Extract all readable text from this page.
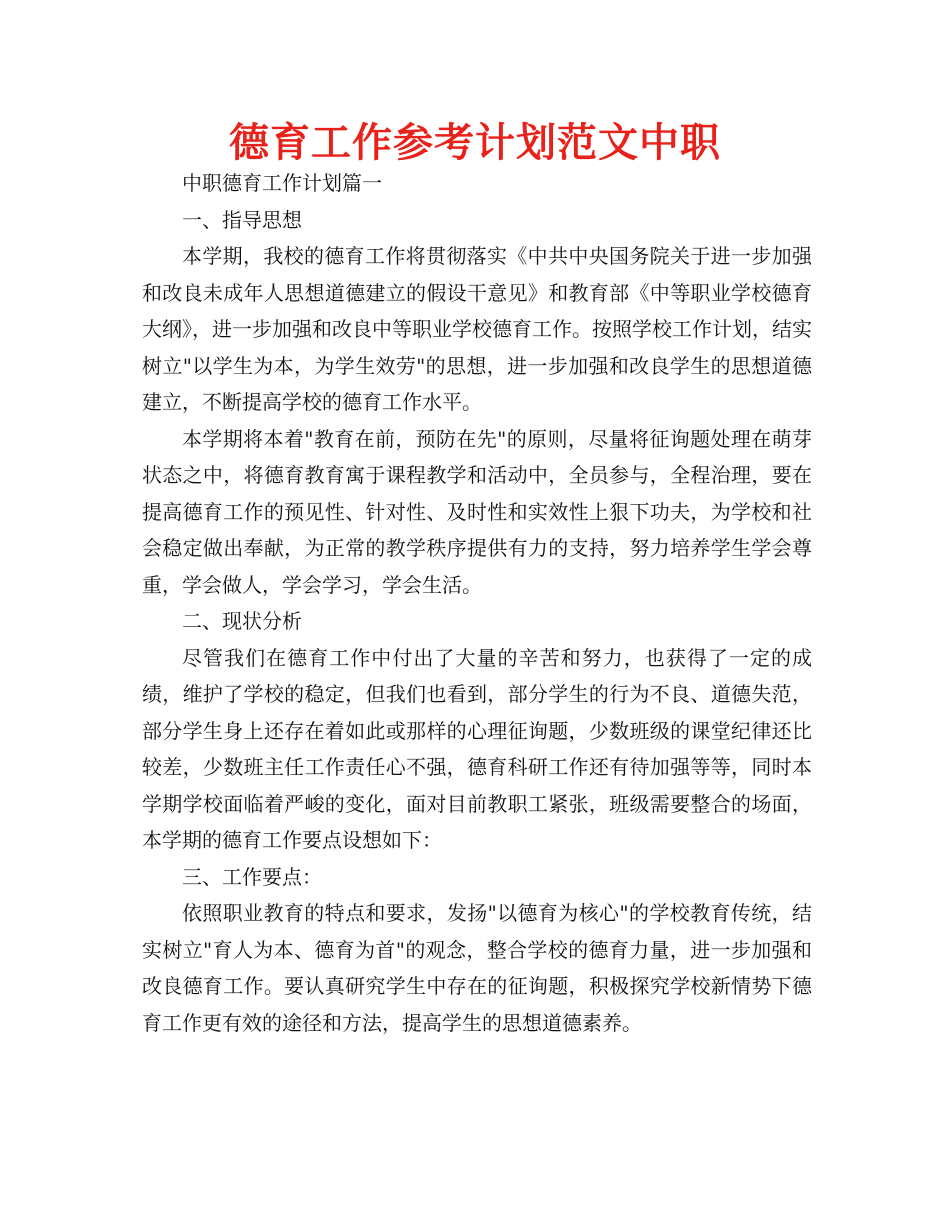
德育工作参考计划范文中职

中职德育工作计划篇一

一、指导思想

本学期，我校的德育工作将贯彻落实《中共中央国务院关于进一步加强和改良未成年人思想道德建立的假设干意见》和教育部《中等职业学校德育大纲》，进一步加强和改良中等职业学校德育工作。按照学校工作计划，结实树立"以学生为本，为学生效劳"的思想，进一步加强和改良学生的思想道德建立，不断提高学校的德育工作水平。

本学期将本着"教育在前，预防在先"的原则，尽量将征询题处理在萌芽状态之中，将德育教育寓于课程教学和活动中，全员参与，全程治理，要在提高德育工作的预见性、针对性、及时性和实效性上狠下功夫，为学校和社会稳定做出奉献，为正常的教学秩序提供有力的支持，努力培养学生学会尊重，学会做人，学会学习，学会生活。

二、现状分析

尽管我们在德育工作中付出了大量的辛苦和努力，也获得了一定的成绩，维护了学校的稳定，但我们也看到，部分学生的行为不良、道德失范，部分学生身上还存在着如此或那样的心理征询题，少数班级的课堂纪律还比较差，少数班主任工作责任心不强，德育科研工作还有待加强等等，同时本学期学校面临着严峻的变化，面对目前教职工紧张，班级需要整合的场面，本学期的德育工作要点设想如下：

三、工作要点：

依照职业教育的特点和要求，发扬"以德育为核心"的学校教育传统，结实树立"育人为本、德育为首"的观念，整合学校的德育力量，进一步加强和改良德育工作。要认真研究学生中存在的征询题，积极探究学校新情势下德育工作更有效的途径和方法，提高学生的思想道德素养。
